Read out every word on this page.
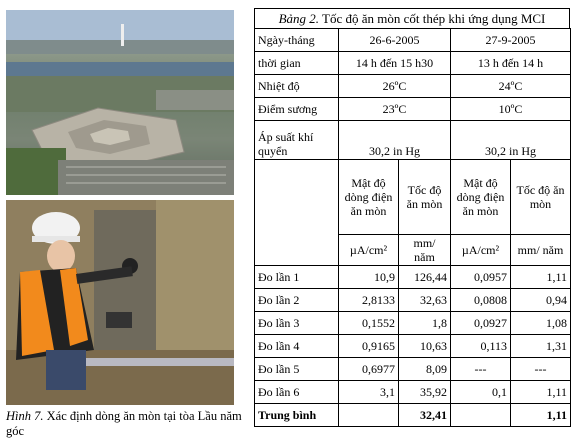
Hình 7. Xác định dòng ăn mòn tại tòa Lầu năm góc
Bảng 2. Tốc độ ăn mòn cốt thép khi ứng dụng MCI
Ngày-tháng	26-6-2005		27-9-2005	
thời gian	14 h đến 15 h30		13 h đến 14 h	
Nhiệt độ	26ºC		24ºC	
Điểm sương	23ºC		10ºC	
Áp suất khí quyển	30,2 in Hg		30,2 in Hg	
	Mật độ dòng điện ăn mòn	Tốc độ ăn mòn	Mật độ dòng điện ăn mòn	Tốc độ ăn mòn
	µA/cm²	mm/ năm	µA/cm²	mm/ năm
Đo lần 1	10,9	126,44	0,0957	1,11
Đo lần 2	2,8133	32,63	0,0808	0,94
Đo lần 3	0,1552	1,8	0,0927	1,08
Đo lần 4	0,9165	10,63	0,113	1,31
Đo lần 5	0,6977	8,09	---	---
Đo lần 6	3,1	35,92	0,1	1,11
Trung bình		32,41		1,11
